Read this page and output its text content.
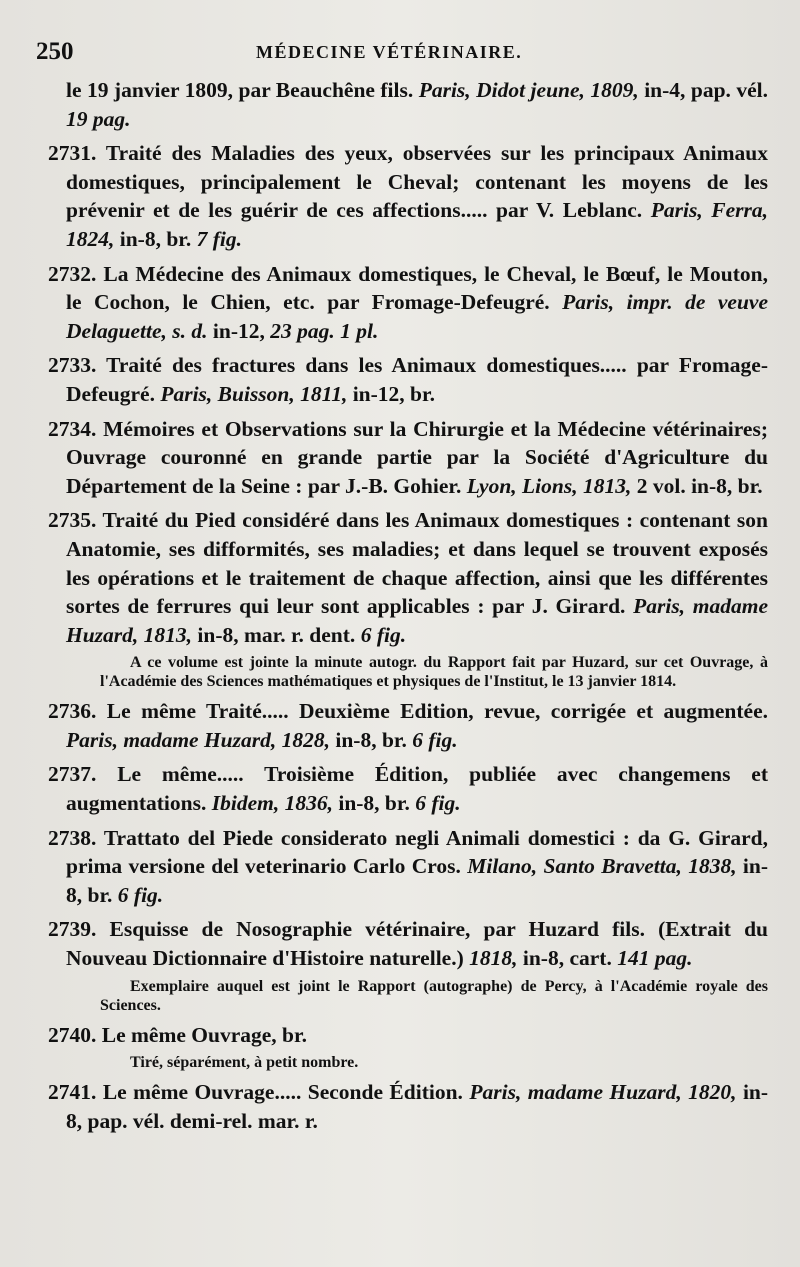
250	MÉDECINE VÉTÉRINAIRE.
le 19 janvier 1809, par Beauchêne fils. Paris, Didot jeune, 1809, in-4, pap. vél. 19 pag.
2731. Traité des Maladies des yeux, observées sur les principaux Animaux domestiques, principalement le Cheval; contenant les moyens de les prévenir et de les guérir de ces affections..... par V. Leblanc. Paris, Ferra, 1824, in-8, br. 7 fig.
2732. La Médecine des Animaux domestiques, le Cheval, le Bœuf, le Mouton, le Cochon, le Chien, etc. par Fromage-Defeugré. Paris, impr. de veuve Delaguette, s. d. in-12, 23 pag. 1 pl.
2733. Traité des fractures dans les Animaux domestiques..... par Fromage-Defeugré. Paris, Buisson, 1811, in-12, br.
2734. Mémoires et Observations sur la Chirurgie et la Médecine vétérinaires; Ouvrage couronné en grande partie par la Société d'Agriculture du Département de la Seine : par J.-B. Gohier. Lyon, Lions, 1813, 2 vol. in-8, br.
2735. Traité du Pied considéré dans les Animaux domestiques : contenant son Anatomie, ses difformités, ses maladies; et dans lequel se trouvent exposés les opérations et le traitement de chaque affection, ainsi que les différentes sortes de ferrures qui leur sont applicables : par J. Girard. Paris, madame Huzard, 1813, in-8, mar. r. dent. 6 fig.
A ce volume est jointe la minute autogr. du Rapport fait par Huzard, sur cet Ouvrage, à l'Académie des Sciences mathématiques et physiques de l'Institut, le 13 janvier 1814.
2736. Le même Traité..... Deuxième Edition, revue, corrigée et augmentée. Paris, madame Huzard, 1828, in-8, br. 6 fig.
2737. Le même..... Troisième Édition, publiée avec changemens et augmentations. Ibidem, 1836, in-8, br. 6 fig.
2738. Trattato del Piede considerato negli Animali domestici : da G. Girard, prima versione del veterinario Carlo Cros. Milano, Santo Bravetta, 1838, in-8, br. 6 fig.
2739. Esquisse de Nosographie vétérinaire, par Huzard fils. (Extrait du Nouveau Dictionnaire d'Histoire naturelle.) 1818, in-8, cart. 141 pag.
Exemplaire auquel est joint le Rapport (autographe) de Percy, à l'Académie royale des Sciences.
2740. Le même Ouvrage, br.
Tiré, séparément, à petit nombre.
2741. Le même Ouvrage..... Seconde Édition. Paris, madame Huzard, 1820, in-8, pap. vél. demi-rel. mar. r.
